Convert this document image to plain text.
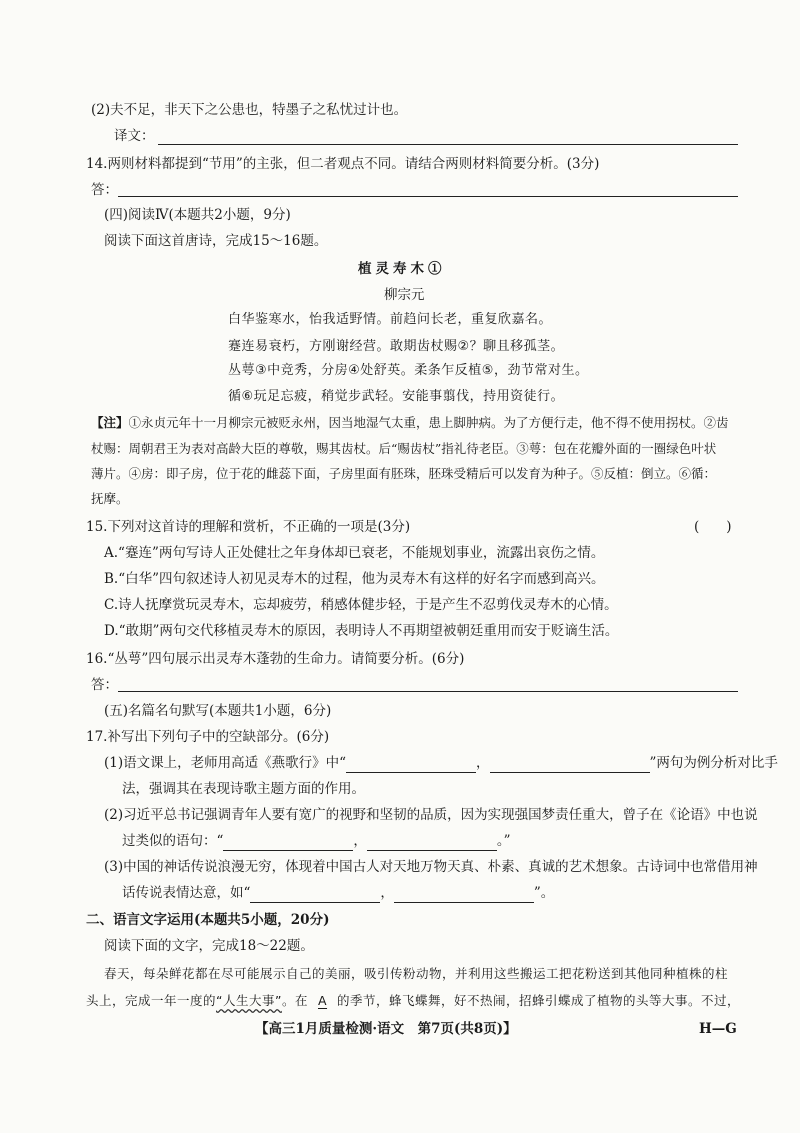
(2)夫不足，非天下之公患也，特墨子之私忧过计也。
译文：
14.两则材料都提到“节用”的主张，但二者观点不同。请结合两则材料简要分析。(3分)
答：
(四)阅读Ⅳ(本题共2小题，9分)
阅读下面这首唐诗，完成15～16题。
植灵寿木①
柳宗元
白华鉴寒水，怡我适野情。前趋问长老，重复欣嘉名。
蹇连易衰朽，方刚谢经营。敢期齿杖赐②？聊且移孤茎。
丛萼③中竞秀，分房④处舒英。柔条乍反植⑤，劲节常对生。
循⑥玩足忘疲，稍觉步武轻。安能事翦伐，持用资徒行。
【注】①永贞元年十一月柳宗元被贬永州，因当地湿气太重，患上脚肿病。为了方便行走，他不得不使用拐杖。②齿
杖赐：周朝君王为表对高龄大臣的尊敬，赐其齿杖。后“赐齿杖”指礼待老臣。③萼：包在花瓣外面的一圈绿色叶状
薄片。④房：即子房，位于花的雌蕊下面，子房里面有胚珠，胚珠受精后可以发育为种子。⑤反植：倒立。⑥循：
抚摩。
15.下列对这首诗的理解和赏析，不正确的一项是(3分)	(　　)
A.“蹇连”两句写诗人正处健壮之年身体却已衰老，不能规划事业，流露出哀伤之情。
B.“白华”四句叙述诗人初见灵寿木的过程，他为灵寿木有这样的好名字而感到高兴。
C.诗人抚摩赏玩灵寿木，忘却疲劳，稍感体健步轻，于是产生不忍剪伐灵寿木的心情。
D.“敢期”两句交代移植灵寿木的原因，表明诗人不再期望被朝廷重用而安于贬谪生活。
16.“丛萼”四句展示出灵寿木蓬勃的生命力。请简要分析。(6分)
答：
(五)名篇名句默写(本题共1小题，6分)
17.补写出下列句子中的空缺部分。(6分)
(1)语文课上，老师用高适《燕歌行》中“	，	”两句为例分析对比手
法，强调其在表现诗歌主题方面的作用。
(2)习近平总书记强调青年人要有宽广的视野和坚韧的品质，因为实现强国梦责任重大，曾子在《论语》中也说
过类似的语句：“	，	。”
(3)中国的神话传说浪漫无穷，体现着中国古人对天地万物天真、朴素、真诚的艺术想象。古诗词中也常借用神
话传说表情达意，如“	，	”。
二、语言文字运用(本题共5小题，20分)
阅读下面的文字，完成18～22题。
春天，每朵鲜花都在尽可能展示自己的美丽，吸引传粉动物，并利用这些搬运工把花粉送到其他同种植株的柱
头上，完成一年一度的“人生大事”。在 A 的季节，蜂飞蝶舞，好不热闹，招蜂引蝶成了植物的头等大事。不过，
【高三1月质量检测·语文　第7页(共8页)】	H—G
